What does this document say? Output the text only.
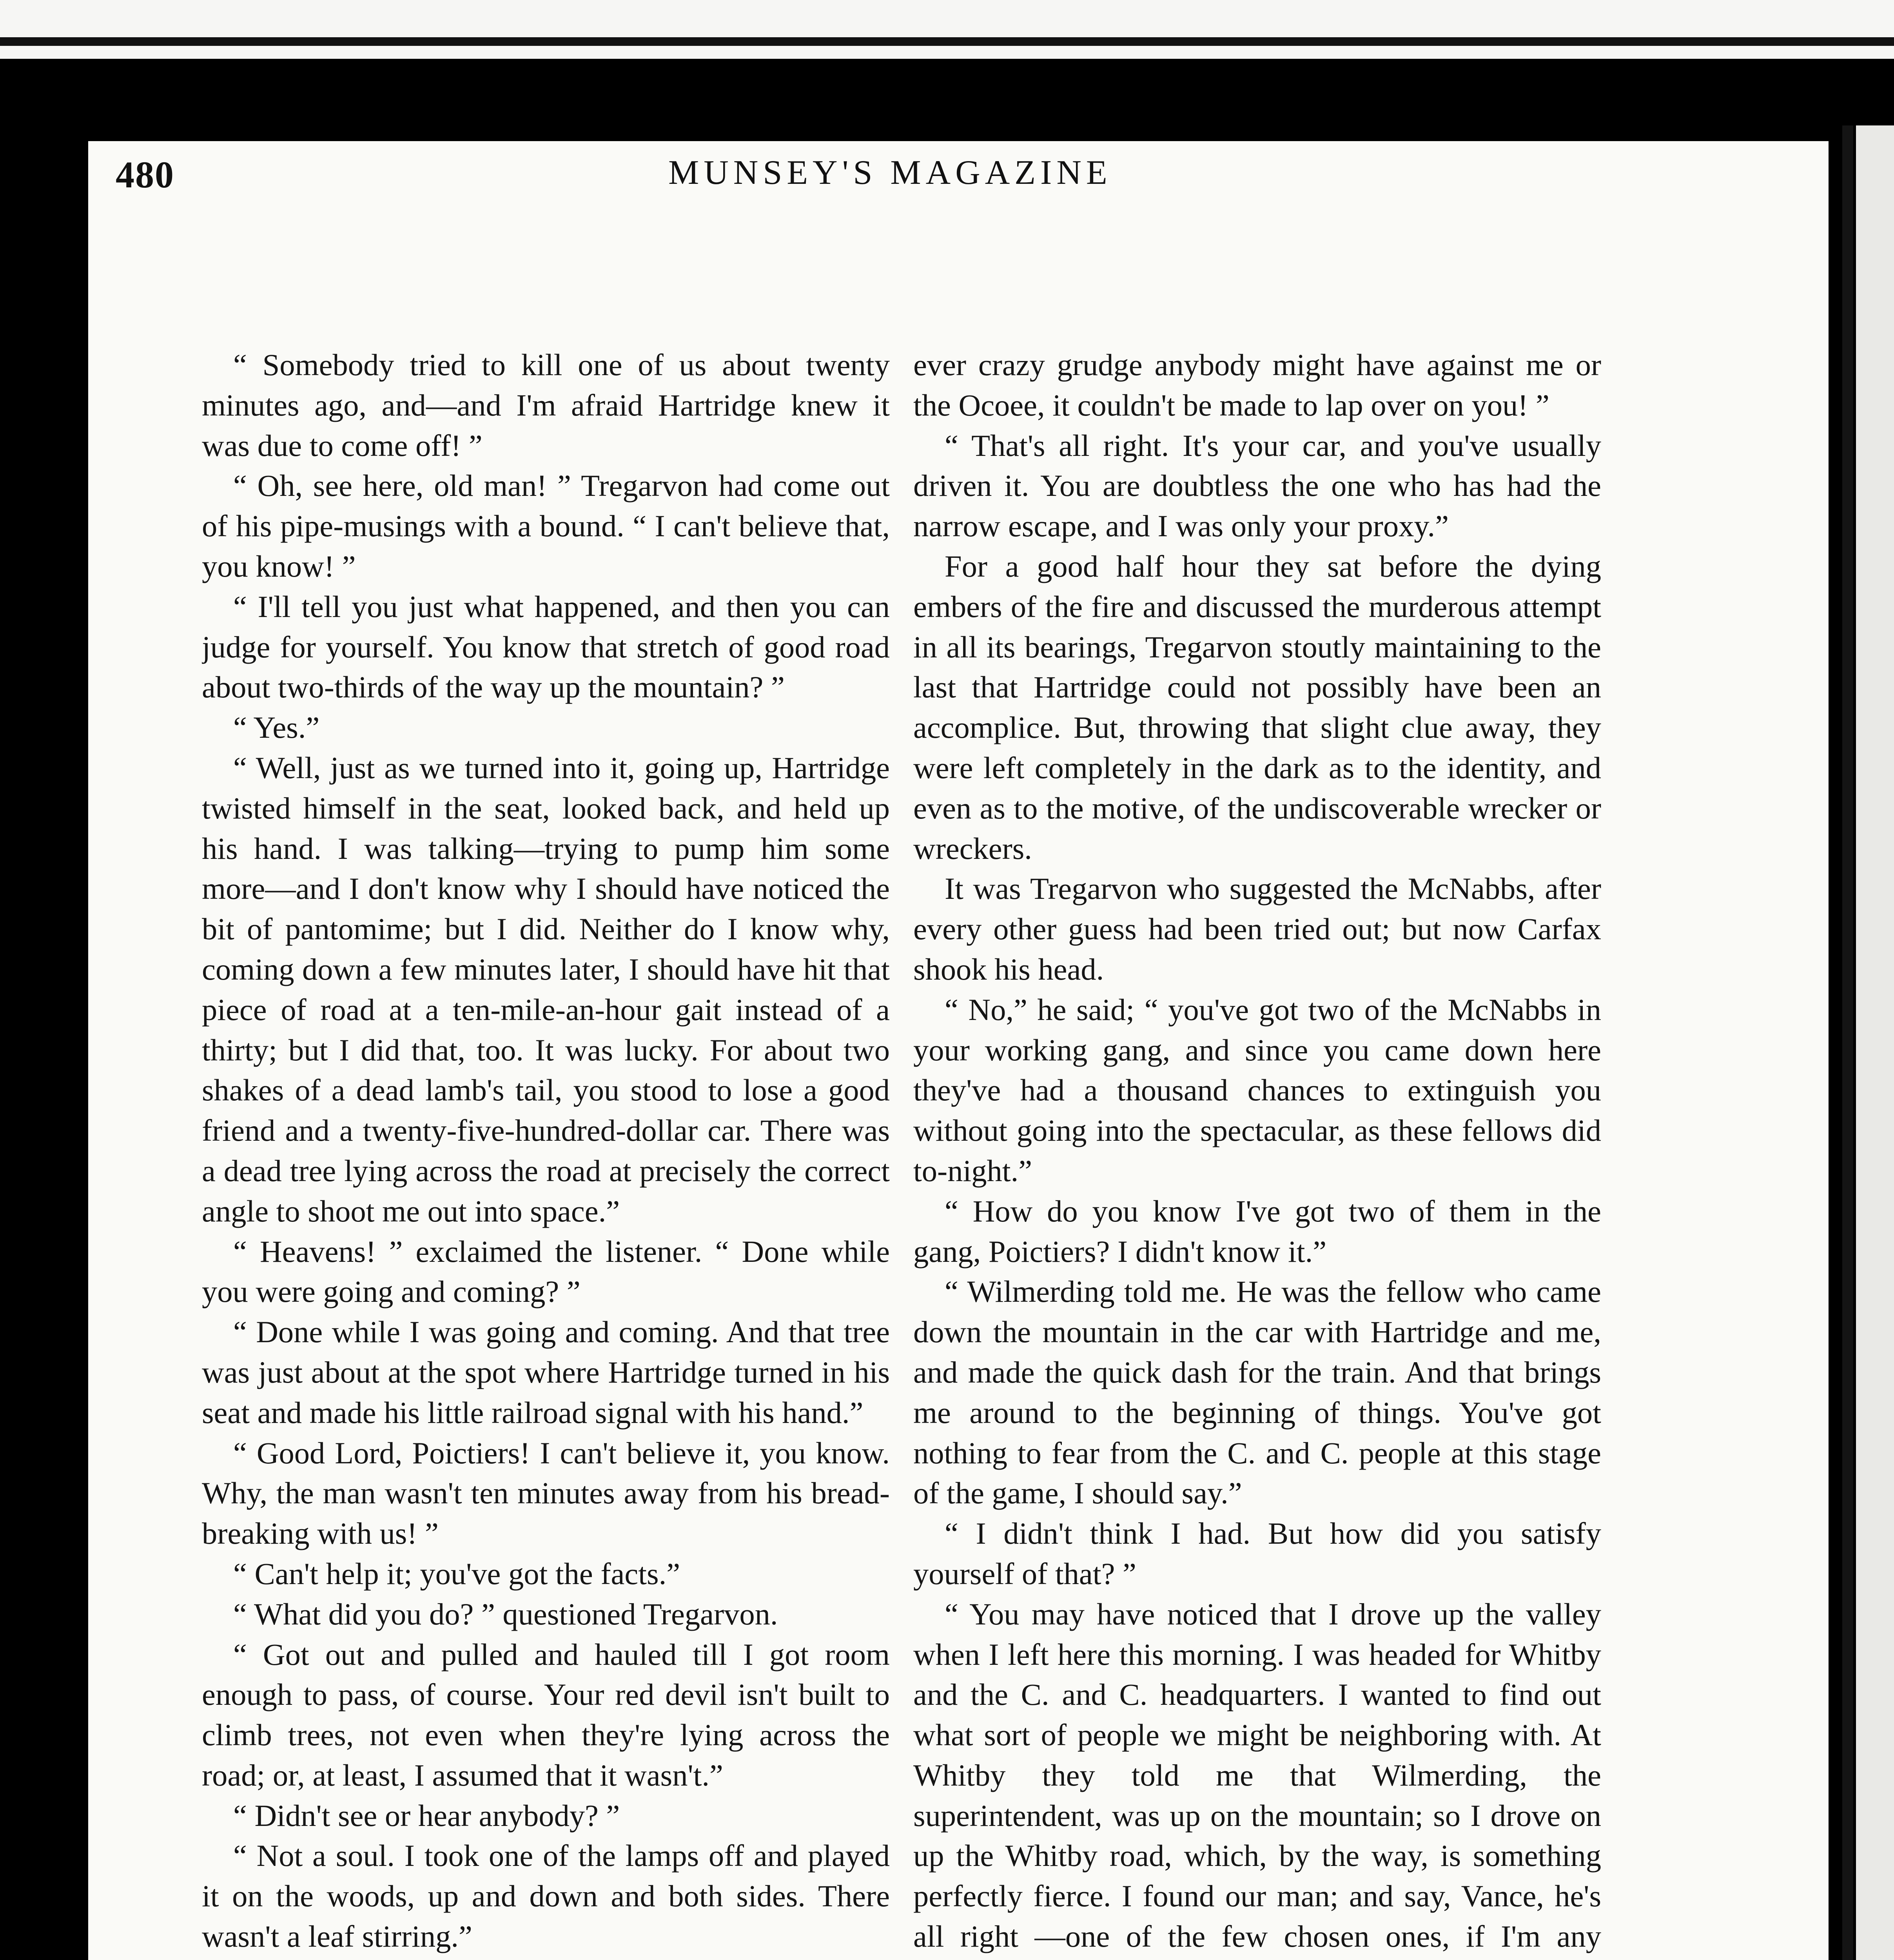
480	MUNSEY'S MAGAZINE

“ Somebody tried to kill one of us about twenty minutes ago, and—and I'm afraid Hartridge knew it was due to come off! ”

“ Oh, see here, old man! ” Tregarvon had come out of his pipe-musings with a bound. “ I can't believe that, you know! ”

“ I'll tell you just what happened, and then you can judge for yourself. You know that stretch of good road about two-thirds of the way up the mountain? ”

“ Yes.”

“ Well, just as we turned into it, going up, Hartridge twisted himself in the seat, looked back, and held up his hand. I was talking—trying to pump him some more—and I don't know why I should have noticed the bit of pantomime; but I did. Neither do I know why, coming down a few minutes later, I should have hit that piece of road at a ten-mile-an-hour gait instead of a thirty; but I did that, too. It was lucky. For about two shakes of a dead lamb's tail, you stood to lose a good friend and a twenty-five-hundred-dollar car. There was a dead tree lying across the road at precisely the correct angle to shoot me out into space.”

“ Heavens! ” exclaimed the listener. “ Done while you were going and coming? ”

“ Done while I was going and coming. And that tree was just about at the spot where Hartridge turned in his seat and made his little railroad signal with his hand.”

“ Good Lord, Poictiers! I can't believe it, you know. Why, the man wasn't ten minutes away from his bread-breaking with us! ”

“ Can't help it; you've got the facts.”

“ What did you do? ” questioned Tregarvon.

“ Got out and pulled and hauled till I got room enough to pass, of course. Your red devil isn't built to climb trees, not even when they're lying across the road; or, at least, I assumed that it wasn't.”

“ Didn't see or hear anybody? ”

“ Not a soul. I took one of the lamps off and played it on the woods, up and down and both sides. There wasn't a leaf stirring.”

ever crazy grudge anybody might have against me or the Ocoee, it couldn't be made to lap over on you! ”

“ That's all right. It's your car, and you've usually driven it. You are doubtless the one who has had the narrow escape, and I was only your proxy.”

For a good half hour they sat before the dying embers of the fire and discussed the murderous attempt in all its bearings, Tregarvon stoutly maintaining to the last that Hartridge could not possibly have been an accomplice. But, throwing that slight clue away, they were left completely in the dark as to the identity, and even as to the motive, of the undiscoverable wrecker or wreckers.

It was Tregarvon who suggested the McNabbs, after every other guess had been tried out; but now Carfax shook his head.

“ No,” he said; “ you've got two of the McNabbs in your working gang, and since you came down here they've had a thousand chances to extinguish you without going into the spectacular, as these fellows did to-night.”

“ How do you know I've got two of them in the gang, Poictiers? I didn't know it.”

“ Wilmerding told me. He was the fellow who came down the mountain in the car with Hartridge and me, and made the quick dash for the train. And that brings me around to the beginning of things. You've got nothing to fear from the C. and C. people at this stage of the game, I should say.”

“ I didn't think I had. But how did you satisfy yourself of that? ”

“ You may have noticed that I drove up the valley when I left here this morning. I was headed for Whitby and the C. and C. headquarters. I wanted to find out what sort of people we might be neighboring with. At Whitby they told me that Wilmerding, the superintendent, was up on the mountain; so I drove on up the Whitby road, which, by the way, is something perfectly fierce. I found our man; and say, Vance, he's all right —one of the few chosen ones, if I'm any
